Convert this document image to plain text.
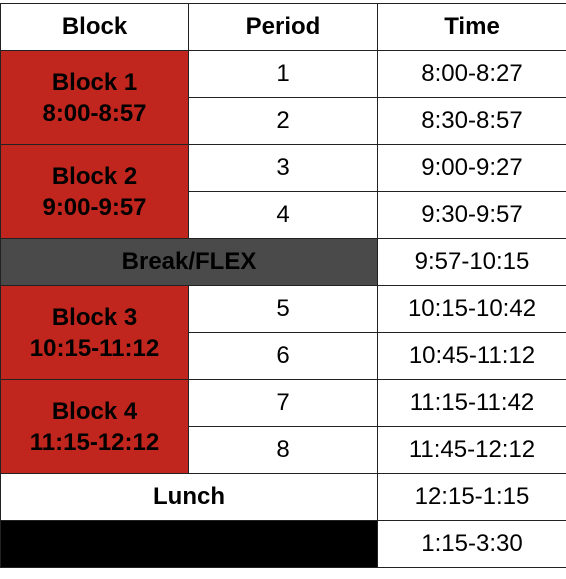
Block	Period	Time

Block 1
8:00-8:57	1	8:00-8:27
	2	8:30-8:57

Block 2
9:00-9:57	3	9:00-9:27
	4	9:30-9:57
Break/FLEX		9:57-10:15

Block 3
10:15-11:12	5	10:15-10:42
	6	10:45-11:12

Block 4
11:15-12:12	7	11:15-11:42
	8	11:45-12:12
Lunch		12:15-1:15
Asynchronous Window		1:15-3:30
